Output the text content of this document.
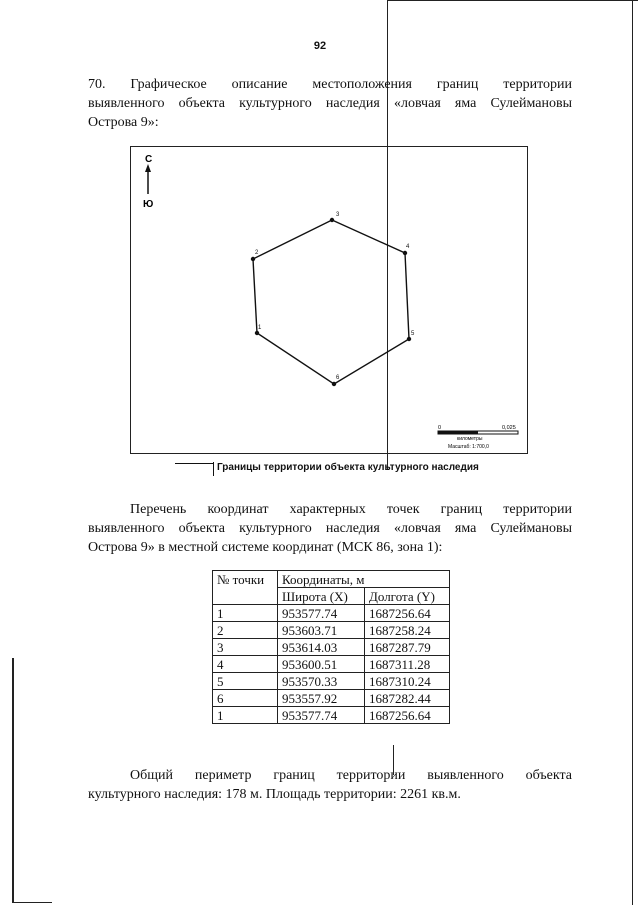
92
70. Графическое описание местоположения границ территории
выявленного объекта культурного наследия «ловчая яма Сулеймановы
Острова 9»:
С
Ю
1
2
3
4
5
6
0	0,025
километры
Масштаб: 1:700,0
Границы территории объекта культурного наследия
Перечень координат характерных точек границ территории
выявленного объекта культурного наследия «ловчая яма Сулеймановы
Острова 9» в местной системе координат (МСК 86, зона 1):
№ точки	Координаты, м	
	Широта (X)	Долгота (Y)
1	953577.74	1687256.64
2	953603.71	1687258.24
3	953614.03	1687287.79
4	953600.51	1687311.28
5	953570.33	1687310.24
6	953557.92	1687282.44
1	953577.74	1687256.64
Общий периметр границ территории выявленного объекта
культурного наследия: 178 м. Площадь территории: 2261 кв.м.
